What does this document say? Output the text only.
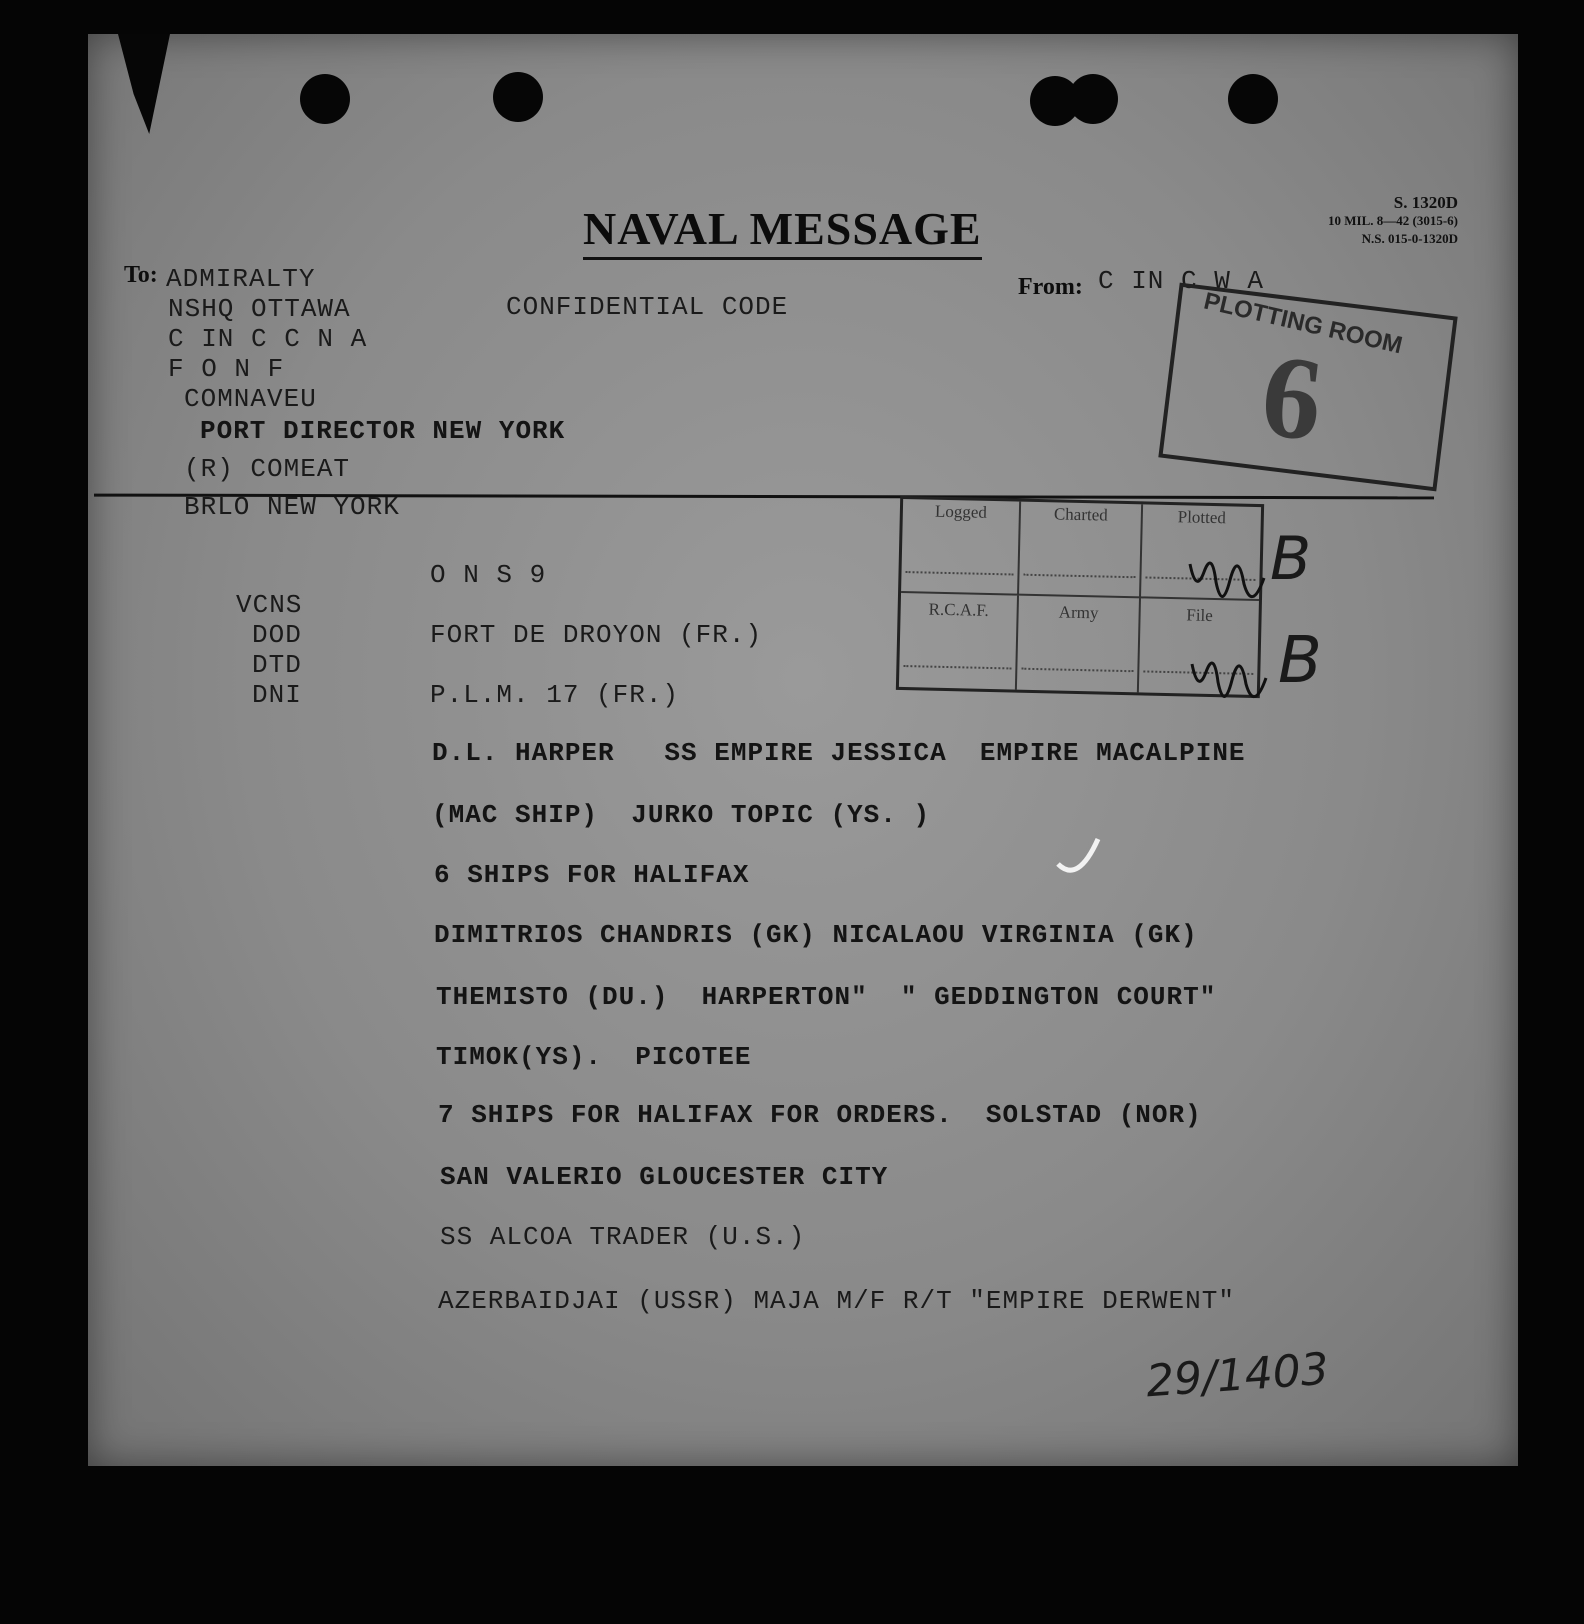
S. 1320D
10 MIL. 8—42 (3015-6)
N.S. 015-0-1320D
NAVAL MESSAGE
To:	From: C IN C W A
CONFIDENTIAL CODE
ADMIRALTY
NSHQ OTTAWA
C IN C C N A
F O N F
COMNAVEU
PORT DIRECTOR NEW YORK
(R) COMEAT
BRLO NEW YORK
O N S 9
VCNS
DOD
DTD
DNI
FORT DE DROYON (FR.)
P.L.M. 17 (FR.)
D.L. HARPER   SS EMPIRE JESSICA  EMPIRE MACALPINE
(MAC SHIP)  JURKO TOPIC (YS. )
6 SHIPS FOR HALIFAX
DIMITRIOS CHANDRIS (GK) NICALAOU VIRGINIA (GK)
THEMISTO (DU.)  HARPERTON"  " GEDDINGTON COURT"
TIMOK(YS).  PICOTEE
7 SHIPS FOR HALIFAX FOR ORDERS.  SOLSTAD (NOR)
SAN VALERIO GLOUCESTER CITY
SS ALCOA TRADER (U.S.)
AZERBAIDJAI (USSR) MAJA M/F R/T "EMPIRE DERWENT"
PLOTTING ROOM
6
Logged	Charted	Plotted
R.C.A.F.	Army	File
B
B
29/1403
